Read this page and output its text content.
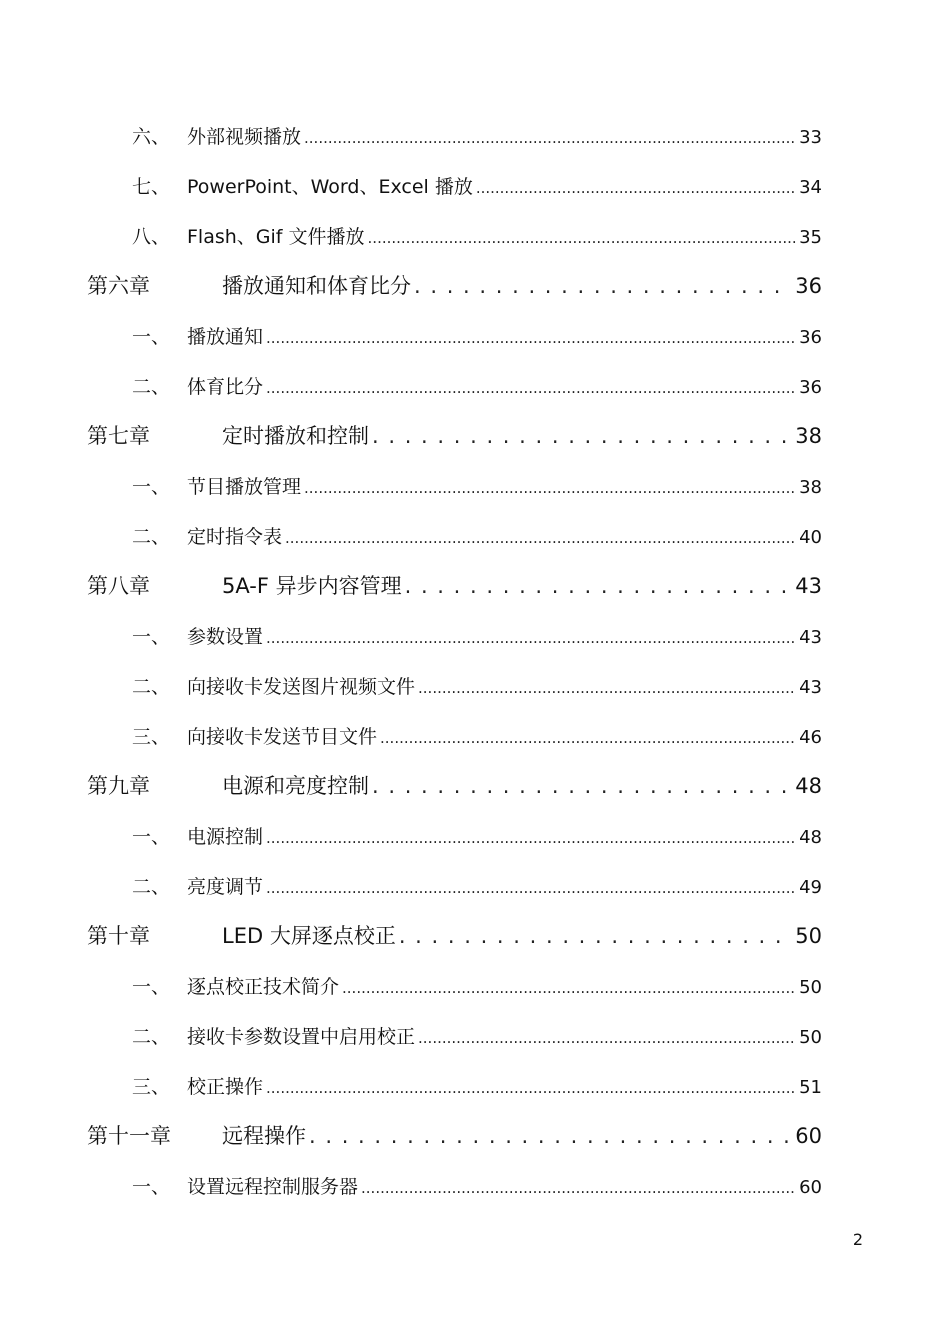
六、 外部视频播放 .....	33
七、 PowerPoint、Word、Excel 播放 .....	34
八、 Flash、Gif 文件播放 .....	35
第六章	播放通知和体育比分 . . .	36
一、 播放通知 .....	36
二、 体育比分 .....	36
第七章	定时播放和控制 . . .	38
一、 节目播放管理 .....	38
二、 定时指令表 .....	40
第八章	5A-F 异步内容管理 . . .	43
一、 参数设置 .....	43
二、 向接收卡发送图片视频文件 .....	43
三、 向接收卡发送节目文件 .....	46
第九章	电源和亮度控制 . . .	48
一、 电源控制 .....	48
二、 亮度调节 .....	49
第十章	LED 大屏逐点校正 . . .	50
一、 逐点校正技术简介 .....	50
二、 接收卡参数设置中启用校正 .....	50
三、 校正操作 .....	51
第十一章	远程操作 . . .	60
一、 设置远程控制服务器 .....	60
2
